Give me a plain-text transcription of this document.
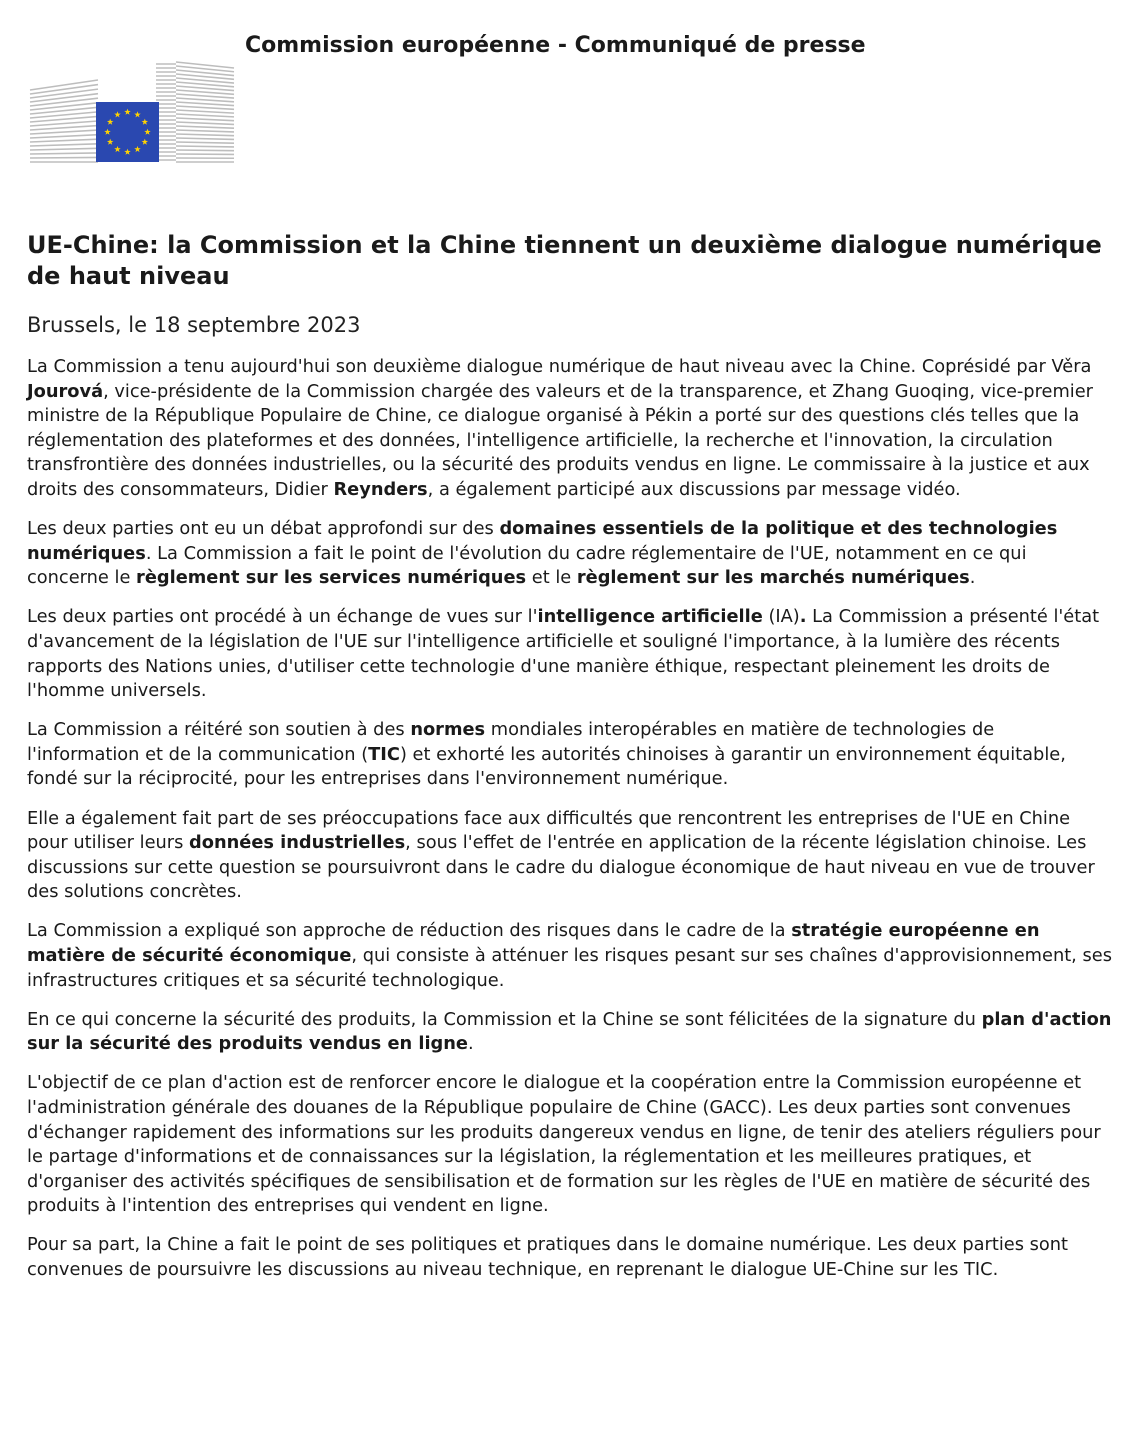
Commission européenne - Communiqué de presse
UE-Chine: la Commission et la Chine tiennent un deuxième dialogue numérique de haut niveau
Brussels, le 18 septembre 2023

La Commission a tenu aujourd'hui son deuxième dialogue numérique de haut niveau avec la Chine. Coprésidé par Věra Jourová, vice-présidente de la Commission chargée des valeurs et de la transparence, et Zhang Guoqing, vice-premier ministre de la République Populaire de Chine, ce dialogue organisé à Pékin a porté sur des questions clés telles que la réglementation des plateformes et des données, l'intelligence artificielle, la recherche et l'innovation, la circulation transfrontière des données industrielles, ou la sécurité des produits vendus en ligne. Le commissaire à la justice et aux droits des consommateurs, Didier Reynders, a également participé aux discussions par message vidéo.

Les deux parties ont eu un débat approfondi sur des domaines essentiels de la politique et des technologies numériques. La Commission a fait le point de l'évolution du cadre réglementaire de l'UE, notamment en ce qui concerne le règlement sur les services numériques et le règlement sur les marchés numériques.

Les deux parties ont procédé à un échange de vues sur l'intelligence artificielle (IA). La Commission a présenté l'état d'avancement de la législation de l'UE sur l'intelligence artificielle et souligné l'importance, à la lumière des récents rapports des Nations unies, d'utiliser cette technologie d'une manière éthique, respectant pleinement les droits de l'homme universels.

La Commission a réitéré son soutien à des normes mondiales interopérables en matière de technologies de l'information et de la communication (TIC) et exhorté les autorités chinoises à garantir un environnement équitable, fondé sur la réciprocité, pour les entreprises dans l'environnement numérique.

Elle a également fait part de ses préoccupations face aux difficultés que rencontrent les entreprises de l'UE en Chine pour utiliser leurs données industrielles, sous l'effet de l'entrée en application de la récente législation chinoise. Les discussions sur cette question se poursuivront dans le cadre du dialogue économique de haut niveau en vue de trouver des solutions concrètes.

La Commission a expliqué son approche de réduction des risques dans le cadre de la stratégie européenne en matière de sécurité économique, qui consiste à atténuer les risques pesant sur ses chaînes d'approvisionnement, ses infrastructures critiques et sa sécurité technologique.

En ce qui concerne la sécurité des produits, la Commission et la Chine se sont félicitées de la signature du plan d'action sur la sécurité des produits vendus en ligne.

L'objectif de ce plan d'action est de renforcer encore le dialogue et la coopération entre la Commission européenne et l'administration générale des douanes de la République populaire de Chine (GACC). Les deux parties sont convenues d'échanger rapidement des informations sur les produits dangereux vendus en ligne, de tenir des ateliers réguliers pour le partage d'informations et de connaissances sur la législation, la réglementation et les meilleures pratiques, et d'organiser des activités spécifiques de sensibilisation et de formation sur les règles de l'UE en matière de sécurité des produits à l'intention des entreprises qui vendent en ligne.

Pour sa part, la Chine a fait le point de ses politiques et pratiques dans le domaine numérique. Les deux parties sont convenues de poursuivre les discussions au niveau technique, en reprenant le dialogue UE-Chine sur les TIC.
